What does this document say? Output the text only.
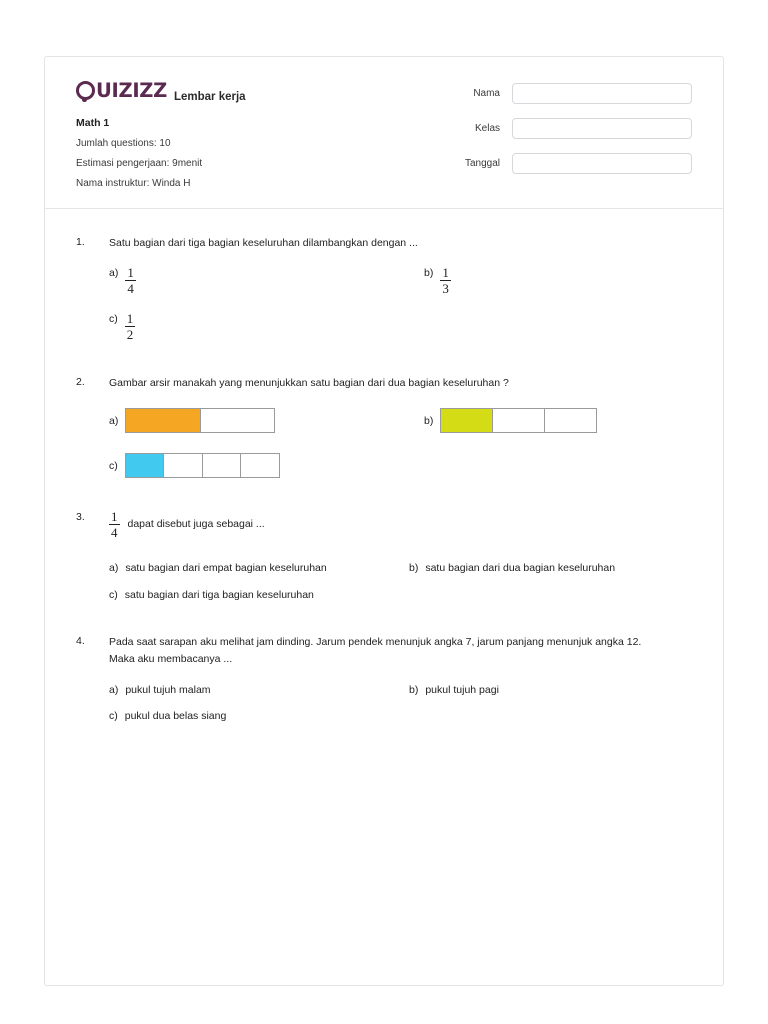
UIZIZZ Lembar kerja
Math 1
Jumlah questions: 10
Estimasi pengerjaan: 9menit
Nama instruktur: Winda H
Nama
Kelas
Tanggal
1.	Satu bagian dari tiga bagian keseluruhan dilambangkan dengan ...
$a) \frac{1}{4}$	$b) \frac{1}{3}$
$c) \frac{1}{2}$
2.	Gambar arsir manakah yang menunjukkan satu bagian dari dua bagian keseluruhan ?
a)	b)
c)
3.	$\frac{1}{4}$ dapat disebut juga sebagai ...
a) satu bagian dari empat bagian keseluruhan	b) satu bagian dari dua bagian keseluruhan
c) satu bagian dari tiga bagian keseluruhan
4.	Pada saat sarapan aku melihat jam dinding. Jarum pendek menunjuk angka 7, jarum panjang menunjuk angka 12. Maka aku membacanya ...
a) pukul tujuh malam	b) pukul tujuh pagi
c) pukul dua belas siang
